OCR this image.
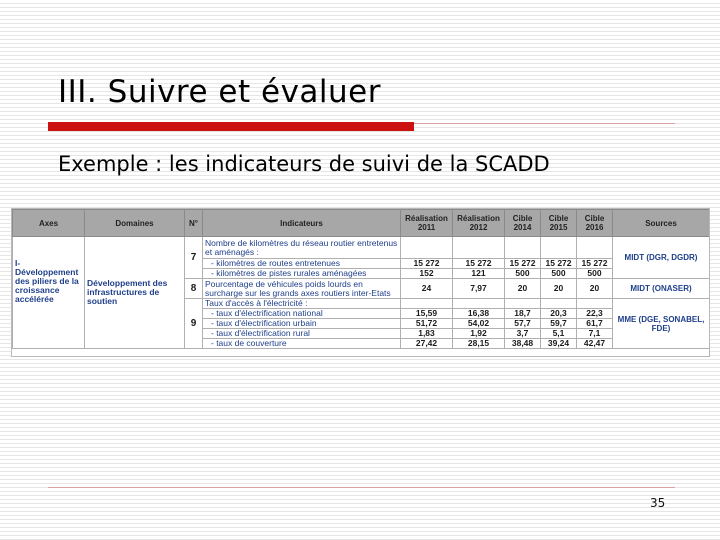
III. Suivre et évaluer
Exemple : les indicateurs de suivi de la SCADD
Axes	Domaines	N°	Indicateurs	Réalisation 2011	Réalisation 2012	Cible 2014	Cible 2015	Cible 2016	Sources
I- Développement des piliers de la croissance accélérée	Développement des infrastructures de soutien	7	Nombre de kilomètres du réseau routier entretenus et aménagés :						MIDT (DGR, DGDR)

			- kilomètres de routes entretenues	15 272	15 272	15 272	15 272	15 272	

			- kilomètres de pistes rurales aménagées	152	121	500	500	500	
		8	Pourcentage de véhicules poids lourds en surcharge sur les grands axes routiers inter-Etats	24	7,97	20	20	20	MIDT (ONASER)
		9	Taux d'accès à l'électricité :						MME (DGE, SONABEL, FDE)

			- taux d'électrification national	15,59	16,38	18,7	20,3	22,3	

			- taux d'électrification urbain	51,72	54,02	57,7	59,7	61,7	

			- taux d'électrification rural	1,83	1,92	3,7	5,1	7,1	

			- taux de couverture	27,42	28,15	38,48	39,24	42,47	
35
